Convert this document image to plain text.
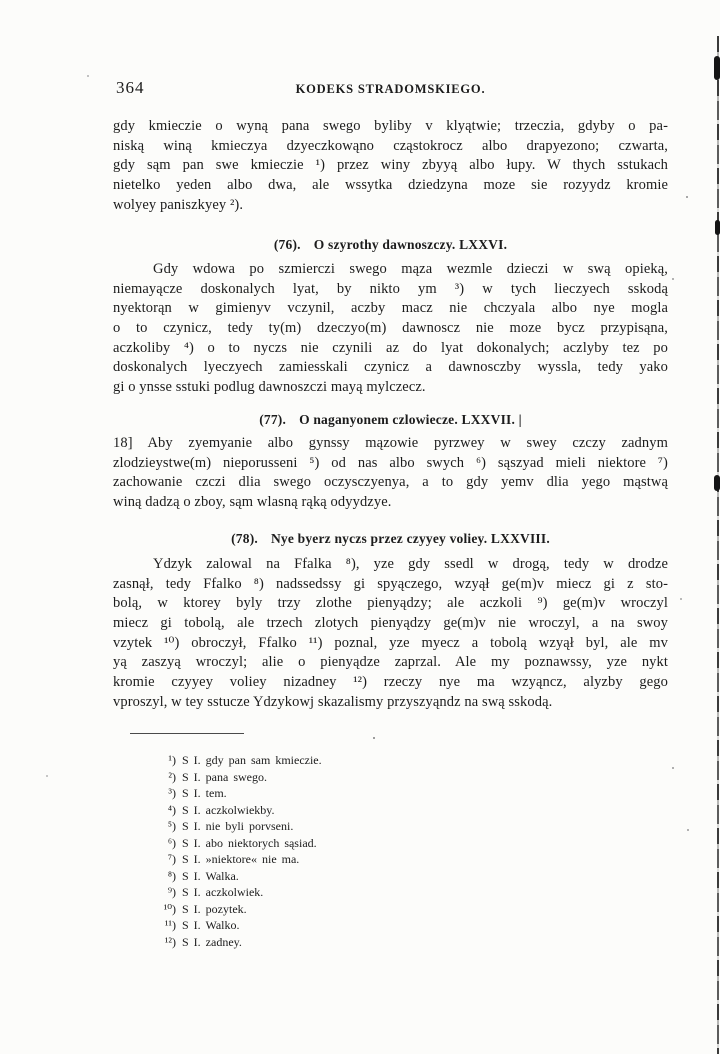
364	KODEKS STRADOMSKIEGO.
gdy kmieczie o wyną pana swego byliby v klyątwie; trzeczia, gdyby o pa-
niską winą kmieczya dzyeczkowąno cząstokrocz albo drapyezono; czwarta,
gdy sąm pan swe kmieczie ¹) przez winy zbyyą albo łupy. W thych sstukach
nietelko yeden albo dwa, ale wssytka dziedzyna moze sie rozyydz kromie
wolyey paniszkyey ²).
(76). O szyrothy dawnoszczy. LXXVI.
Gdy wdowa po szmierczi swego mąza wezmle dzieczi w swą opieką,
niemayącze doskonalych lyat, by nikto ym ³) w tych lieczyech sskodą
nyektorąn w gimienyv vczynil, aczby macz nie chczyala albo nye mogla
o to czynicz, tedy ty(m) dzeczyo(m) dawnoscz nie moze bycz przypisąna,
aczkoliby ⁴) o to nyczs nie czynili az do lyat dokonalych; aczlyby tez po
doskonalych lyeczyech zamiesskali czynicz a dawnosczby wyssla, tedy yako
gi o ynsse sstuki podlug dawnoszczi mayą mylczecz.
(77). O naganyonem czlowiecze. LXXVII. |
18] Aby zyemyanie albo gynssy mązowie pyrzwey w swey czczy zadnym
zlodzieystwe(m) nieporusseni ⁵) od nas albo swych ⁶) sąszyad mieli niektore ⁷)
zachowanie czczi dlia swego oczysczyenya, a to gdy yemv dlia yego mąstwą
winą dadzą o zboy, sąm wlasną rąką odyydzye.
(78). Nye byerz nyczs przez czyyey voliey. LXXVIII.
Ydzyk zalowal na Ffalka ⁸), yze gdy ssedl w drogą, tedy w drodze
zasnął, tedy Ffalko ⁸) nadssedssy gi spyączego, wzyął ge(m)v miecz gi z sto-
bolą, w ktorey byly trzy zlothe pienyądzy; ale aczkoli ⁹) ge(m)v wroczyl
miecz gi tobolą, ale trzech zlotych pienyądzy ge(m)v nie wroczyl, a na swoy
vzytek ¹⁰) obroczył, Ffalko ¹¹) poznal, yze myecz a tobolą wzyął byl, ale mv
yą zaszyą wroczyl; alie o pienyądze zaprzal. Ale my poznawssy, yze nykt
kromie czyyey voliey nizadney ¹²) rzeczy nye ma wzyąncz, alyzby gego
vproszyl, w tey sstucze Ydzykowj skazalismy przyszyąndz na swą sskodą.
¹) S I. gdy pan sam kmieczie.
²) S I. pana swego.
³) S I. tem.
⁴) S I. aczkolwiekby.
⁵) S I. nie byli porvseni.
⁶) S I. abo niektorych sąsiad.
⁷) S I. »niektore« nie ma.
⁸) S I. Walka.
⁹) S I. aczkolwiek.
¹⁰) S I. pozytek.
¹¹) S I. Walko.
¹²) S I. zadney.
